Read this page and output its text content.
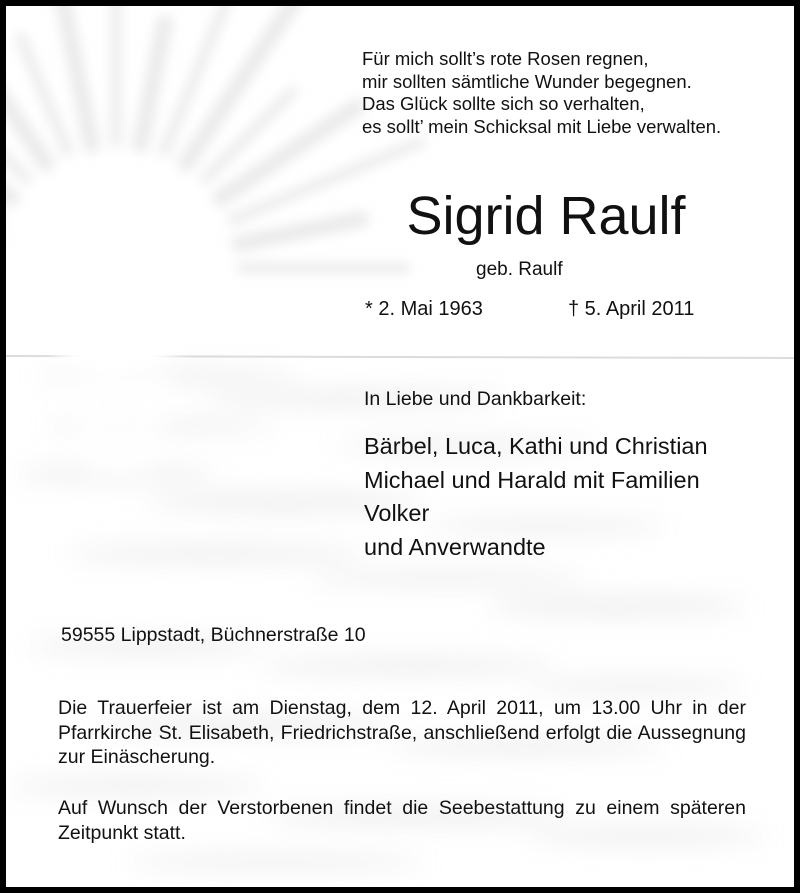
Für mich sollt’s rote Rosen regnen,
mir sollten sämtliche Wunder begegnen.
Das Glück sollte sich so verhalten,
es sollt’ mein Schicksal mit Liebe verwalten.
Sigrid Raulf
geb. Raulf
* 2. Mai 1963	† 5. April 2011
In Liebe und Dankbarkeit:
Bärbel, Luca, Kathi und Christian
Michael und Harald mit Familien
Volker
und Anverwandte
59555 Lippstadt, Büchnerstraße 10

Die Trauerfeier ist am Dienstag, dem 12. April 2011, um 13.00 Uhr in der Pfarrkirche St. Elisabeth, Friedrichstraße, anschließend erfolgt die Aussegnung zur Einäscherung.

Auf Wunsch der Verstorbenen findet die Seebestattung zu einem späteren Zeitpunkt statt.
